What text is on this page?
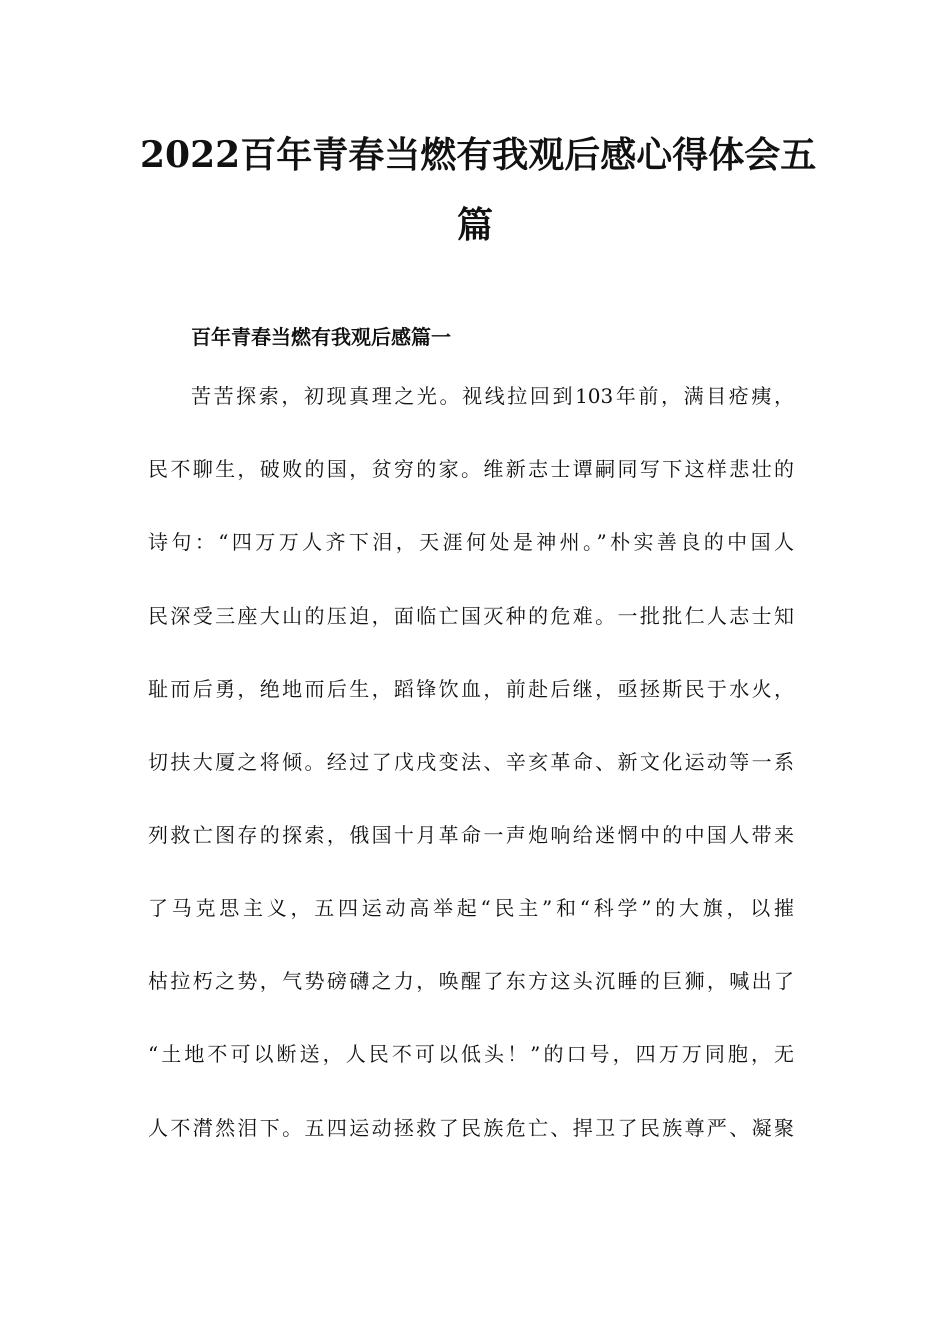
2022百年青春当燃有我观后感心得体会五
篇
百年青春当燃有我观后感篇一
苦苦探索，初现真理之光。视线拉回到103年前，满目疮痍，
民不聊生，破败的国，贫穷的家。维新志士谭嗣同写下这样悲壮的
诗句：“四万万人齐下泪，天涯何处是神州。”朴实善良的中国人
民深受三座大山的压迫，面临亡国灭种的危难。一批批仁人志士知
耻而后勇，绝地而后生，蹈锋饮血，前赴后继，亟拯斯民于水火，
切扶大厦之将倾。经过了戊戌变法、辛亥革命、新文化运动等一系
列救亡图存的探索，俄国十月革命一声炮响给迷惘中的中国人带来
了马克思主义，五四运动高举起“民主”和“科学”的大旗，以摧
枯拉朽之势，气势磅礴之力，唤醒了东方这头沉睡的巨狮，喊出了
“土地不可以断送，人民不可以低头！”的口号，四万万同胞，无
人不潸然泪下。五四运动拯救了民族危亡、捍卫了民族尊严、凝聚
